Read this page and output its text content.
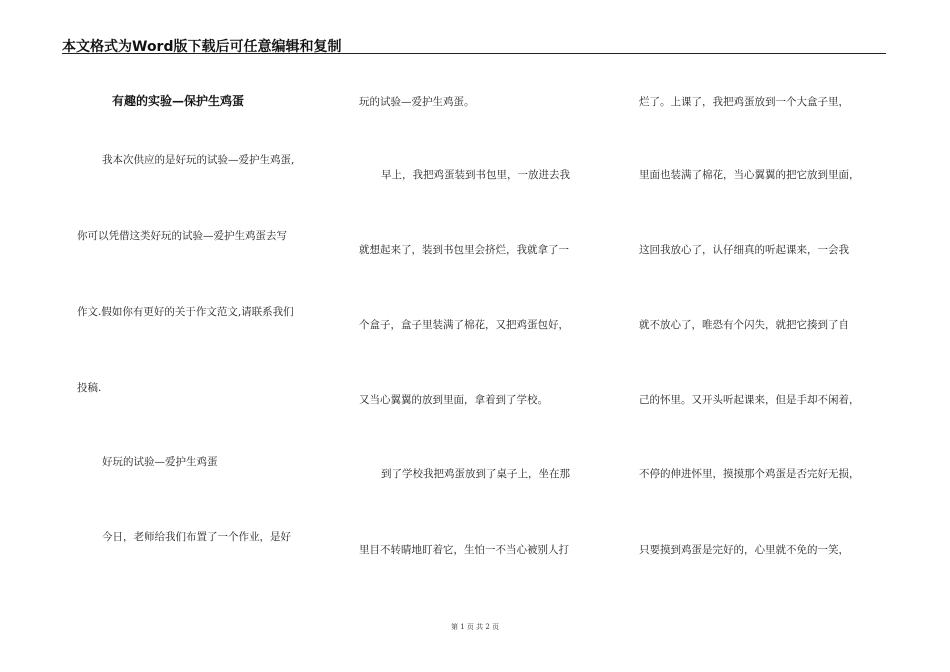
本文格式为Word版下载后可任意编辑和复制
有趣的实验—保护生鸡蛋
我本次供应的是好玩的试验—爱护生鸡蛋,
你可以凭借这类好玩的试验—爱护生鸡蛋去写
作文.假如你有更好的关于作文范文,请联系我们
投稿.
好玩的试验—爱护生鸡蛋
今日，老师给我们布置了一个作业，是好
玩的试验—爱护生鸡蛋。
早上，我把鸡蛋装到书包里，一放进去我
就想起来了，装到书包里会挤烂，我就拿了一
个盒子，盒子里装满了棉花，又把鸡蛋包好，
又当心翼翼的放到里面，拿着到了学校。
到了学校我把鸡蛋放到了桌子上，坐在那
里目不转睛地盯着它，生怕一不当心被别人打
烂了。上课了，我把鸡蛋放到一个大盒子里，
里面也装满了棉花，当心翼翼的把它放到里面，
这回我放心了，认仔细真的听起课来，一会我
就不放心了，唯恐有个闪失，就把它揍到了自
己的怀里。又开头听起课来，但是手却不闲着，
不停的伸进怀里，摸摸那个鸡蛋是否完好无损，
只要摸到鸡蛋是完好的，心里就不免的一笑，
第 1 页 共 2 页
